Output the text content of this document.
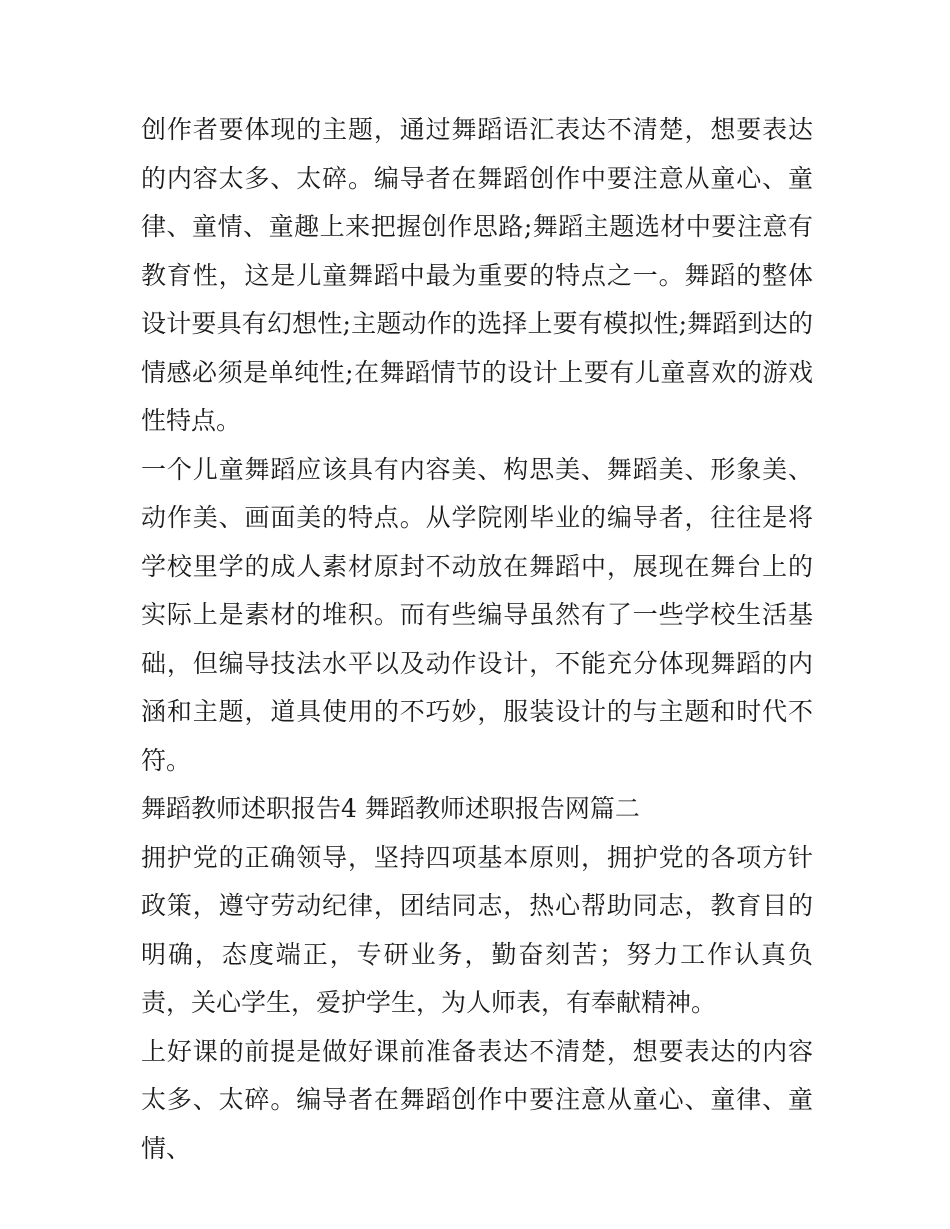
创作者要体现的主题，通过舞蹈语汇表达不清楚，想要表达的内容太多、太碎。编导者在舞蹈创作中要注意从童心、童律、童情、童趣上来把握创作思路;舞蹈主题选材中要注意有教育性，这是儿童舞蹈中最为重要的特点之一。舞蹈的整体设计要具有幻想性;主题动作的选择上要有模拟性;舞蹈到达的情感必须是单纯性;在舞蹈情节的设计上要有儿童喜欢的游戏性特点。

一个儿童舞蹈应该具有内容美、构思美、舞蹈美、形象美、动作美、画面美的特点。从学院刚毕业的编导者，往往是将学校里学的成人素材原封不动放在舞蹈中，展现在舞台上的实际上是素材的堆积。而有些编导虽然有了一些学校生活基础，但编导技法水平以及动作设计，不能充分体现舞蹈的内涵和主题，道具使用的不巧妙，服装设计的与主题和时代不符。

舞蹈教师述职报告4 舞蹈教师述职报告网篇二

拥护党的正确领导，坚持四项基本原则，拥护党的各项方针政策，遵守劳动纪律，团结同志，热心帮助同志，教育目的明确，态度端正，专研业务，勤奋刻苦；努力工作认真负责，关心学生，爱护学生，为人师表，有奉献精神。

上好课的前提是做好课前准备表达不清楚，想要表达的内容太多、太碎。编导者在舞蹈创作中要注意从童心、童律、童情、
